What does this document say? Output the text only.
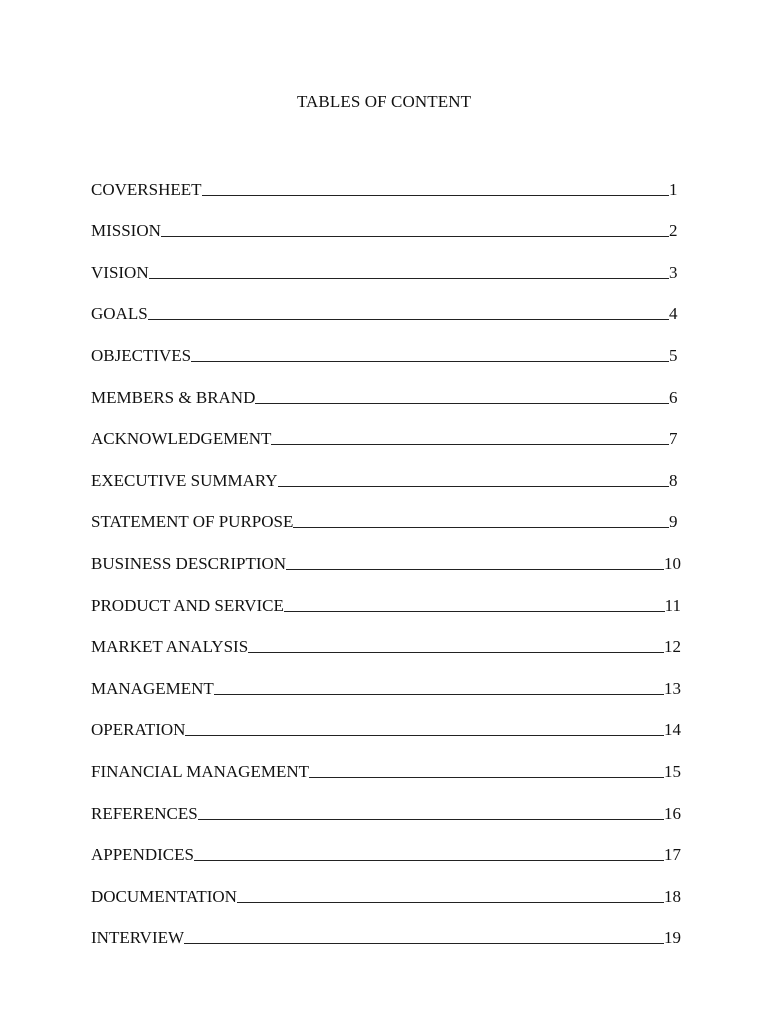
TABLES OF CONTENT
COVERSHEET	1
MISSION	2
VISION	3
GOALS	4
OBJECTIVES	5
MEMBERS & BRAND	6
ACKNOWLEDGEMENT	7
EXECUTIVE SUMMARY	8
STATEMENT OF PURPOSE	9
BUSINESS DESCRIPTION	10
PRODUCT AND SERVICE	11
MARKET ANALYSIS	12
MANAGEMENT	13
OPERATION	14
FINANCIAL MANAGEMENT	15
REFERENCES	16
APPENDICES	17
DOCUMENTATION	18
INTERVIEW	19
